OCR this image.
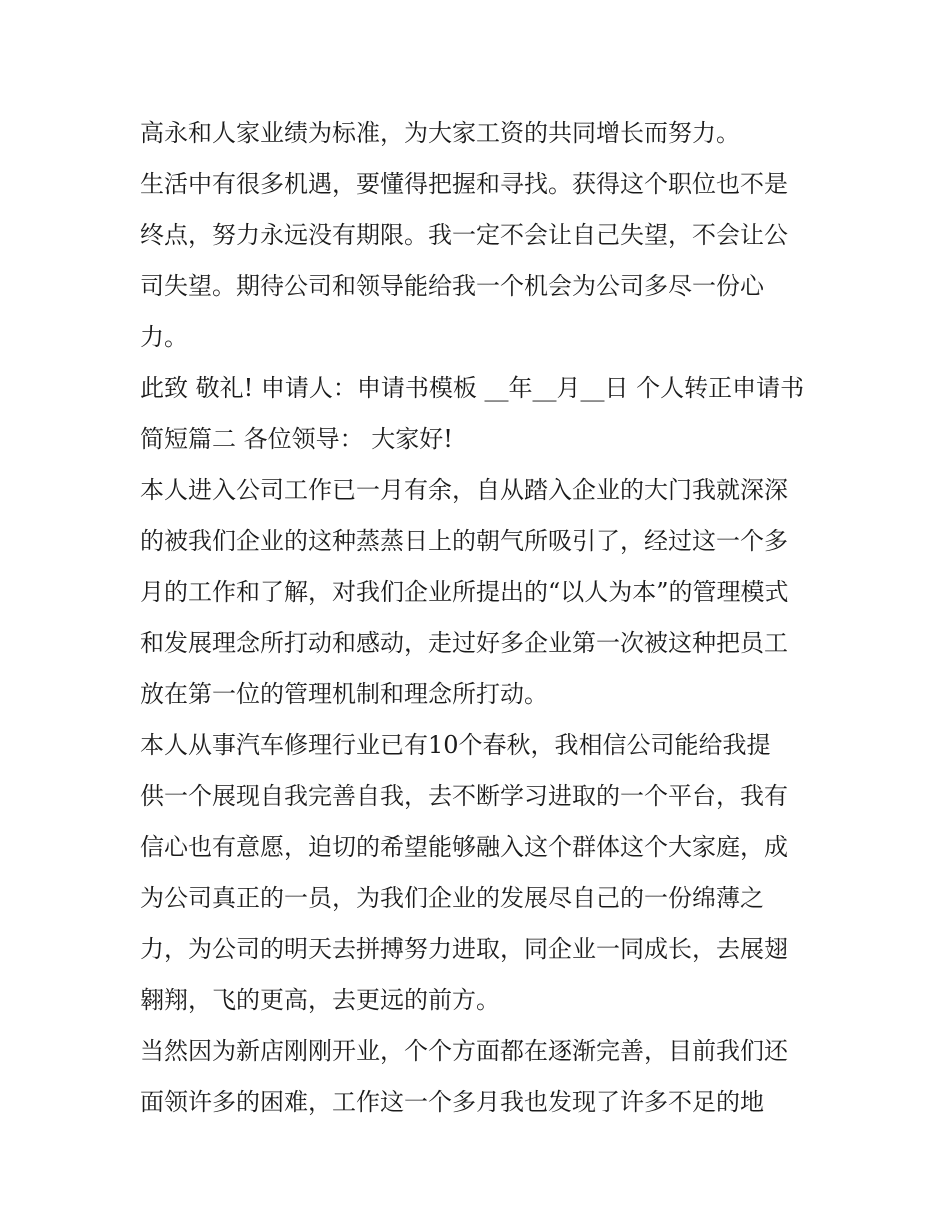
高永和人家业绩为标准，为大家工资的共同增长而努力。
生活中有很多机遇，要懂得把握和寻找。获得这个职位也不是
终点，努力永远没有期限。我一定不会让自己失望，不会让公
司失望。期待公司和领导能给我一个机会为公司多尽一份心
力。
此致 敬礼! 申请人：申请书模板 __年__月__日 个人转正申请书
简短篇二 各位领导： 大家好!
本人进入公司工作已一月有余，自从踏入企业的大门我就深深
的被我们企业的这种蒸蒸日上的朝气所吸引了，经过这一个多
月的工作和了解，对我们企业所提出的“以人为本”的管理模式
和发展理念所打动和感动，走过好多企业第一次被这种把员工
放在第一位的管理机制和理念所打动。
本人从事汽车修理行业已有10个春秋，我相信公司能给我提
供一个展现自我完善自我，去不断学习进取的一个平台，我有
信心也有意愿，迫切的希望能够融入这个群体这个大家庭，成
为公司真正的一员，为我们企业的发展尽自己的一份绵薄之
力，为公司的明天去拼搏努力进取，同企业一同成长，去展翅
翱翔，飞的更高，去更远的前方。
当然因为新店刚刚开业，个个方面都在逐渐完善，目前我们还
面领许多的困难，工作这一个多月我也发现了许多不足的地
